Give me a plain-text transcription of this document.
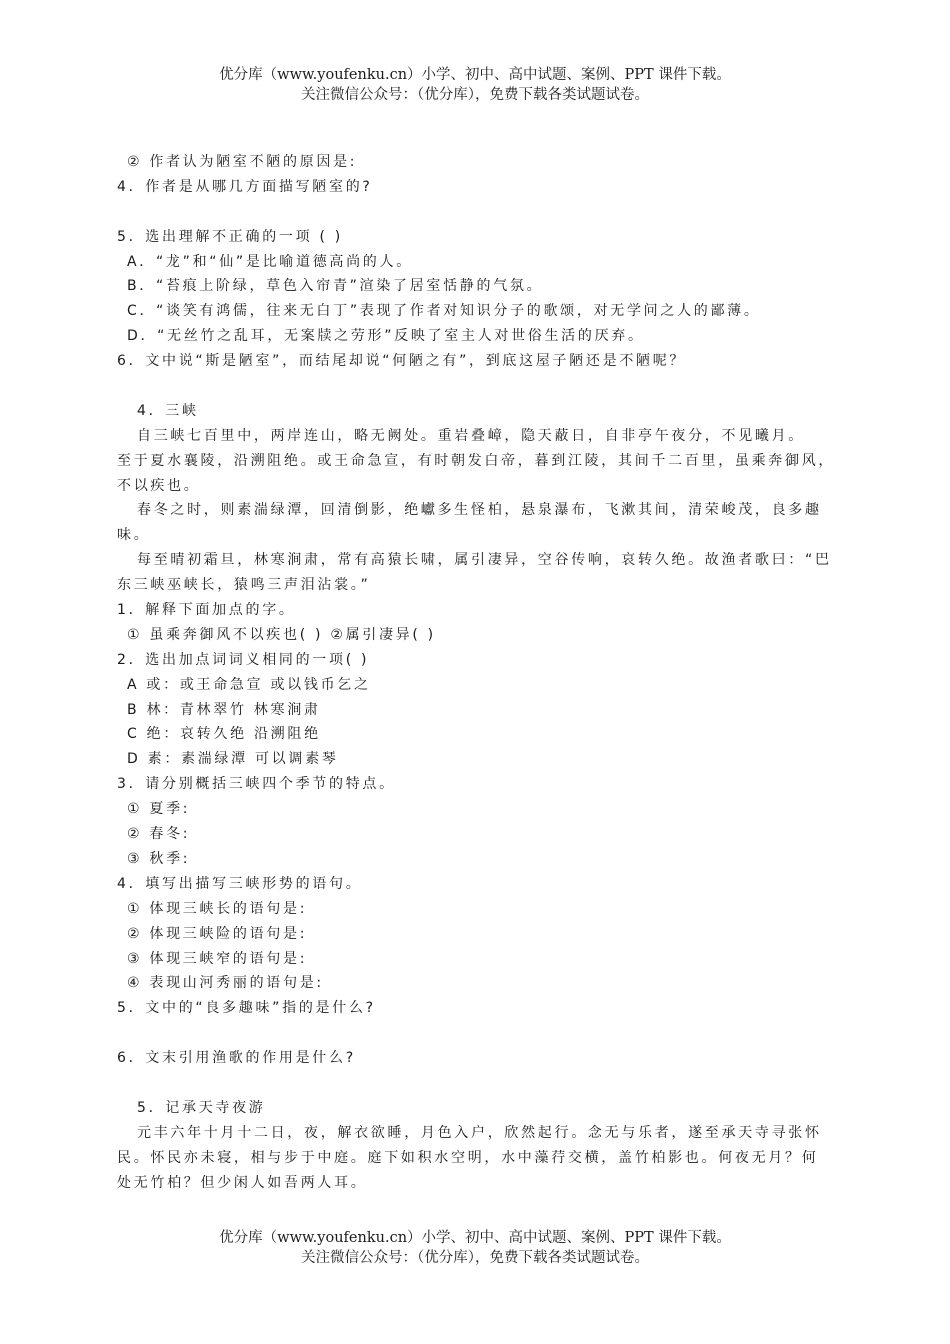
优分库（www.youfenku.cn）小学、初中、高中试题、案例、PPT 课件下载。
关注微信公众号：（优分库），免费下载各类试题试卷。
② 作者认为陋室不陋的原因是:
4．作者是从哪几方面描写陋室的?
5．选出理解不正确的一项 ( )
A．“龙”和“仙”是比喻道德高尚的人。
B．“苔痕上阶绿，草色入帘青”渲染了居室恬静的气氛。
C．“谈笑有鸿儒，往来无白丁”表现了作者对知识分子的歌颂，对无学问之人的鄙薄。
D．“无丝竹之乱耳，无案牍之劳形”反映了室主人对世俗生活的厌弃。
6．文中说“斯是陋室”，而结尾却说“何陋之有”，到底这屋子陋还是不陋呢？
4．三峡
自三峡七百里中，两岸连山，略无阙处。重岩叠嶂，隐天蔽日，自非亭午夜分，不见曦月。
至于夏水襄陵，沿溯阻绝。或王命急宣，有时朝发白帝，暮到江陵，其间千二百里，虽乘奔御风，
不以疾也。
春冬之时，则素湍绿潭，回清倒影，绝巘多生怪柏，悬泉瀑布，飞漱其间，清荣峻茂，良多趣
味。
每至晴初霜旦，林寒涧肃，常有高猿长啸，属引凄异，空谷传响，哀转久绝。故渔者歌曰：“巴
东三峡巫峡长，猿鸣三声泪沾裳。”
1．解释下面加点的字。
① 虽乘奔御风不以疾也( ) ②属引凄异( )
2．选出加点词词义相同的一项( )
A 或：或王命急宣 或以钱币乞之
B 林：青林翠竹 林寒涧肃
C 绝：哀转久绝 沿溯阻绝
D 素：素湍绿潭 可以调素琴
3．请分别概括三峡四个季节的特点。
① 夏季:
② 春冬:
③ 秋季:
4．填写出描写三峡形势的语句。
① 体现三峡长的语句是:
② 体现三峡险的语句是:
③ 体现三峡窄的语句是:
④ 表现山河秀丽的语句是:
5．文中的“良多趣味”指的是什么?
6．文末引用渔歌的作用是什么?
5．记承天寺夜游
元丰六年十月十二日，夜，解衣欲睡，月色入户，欣然起行。念无与乐者，遂至承天寺寻张怀
民。怀民亦未寝，相与步于中庭。庭下如积水空明，水中藻荇交横，盖竹柏影也。何夜无月？何
处无竹柏？但少闲人如吾两人耳。
优分库（www.youfenku.cn）小学、初中、高中试题、案例、PPT 课件下载。
关注微信公众号：（优分库），免费下载各类试题试卷。
